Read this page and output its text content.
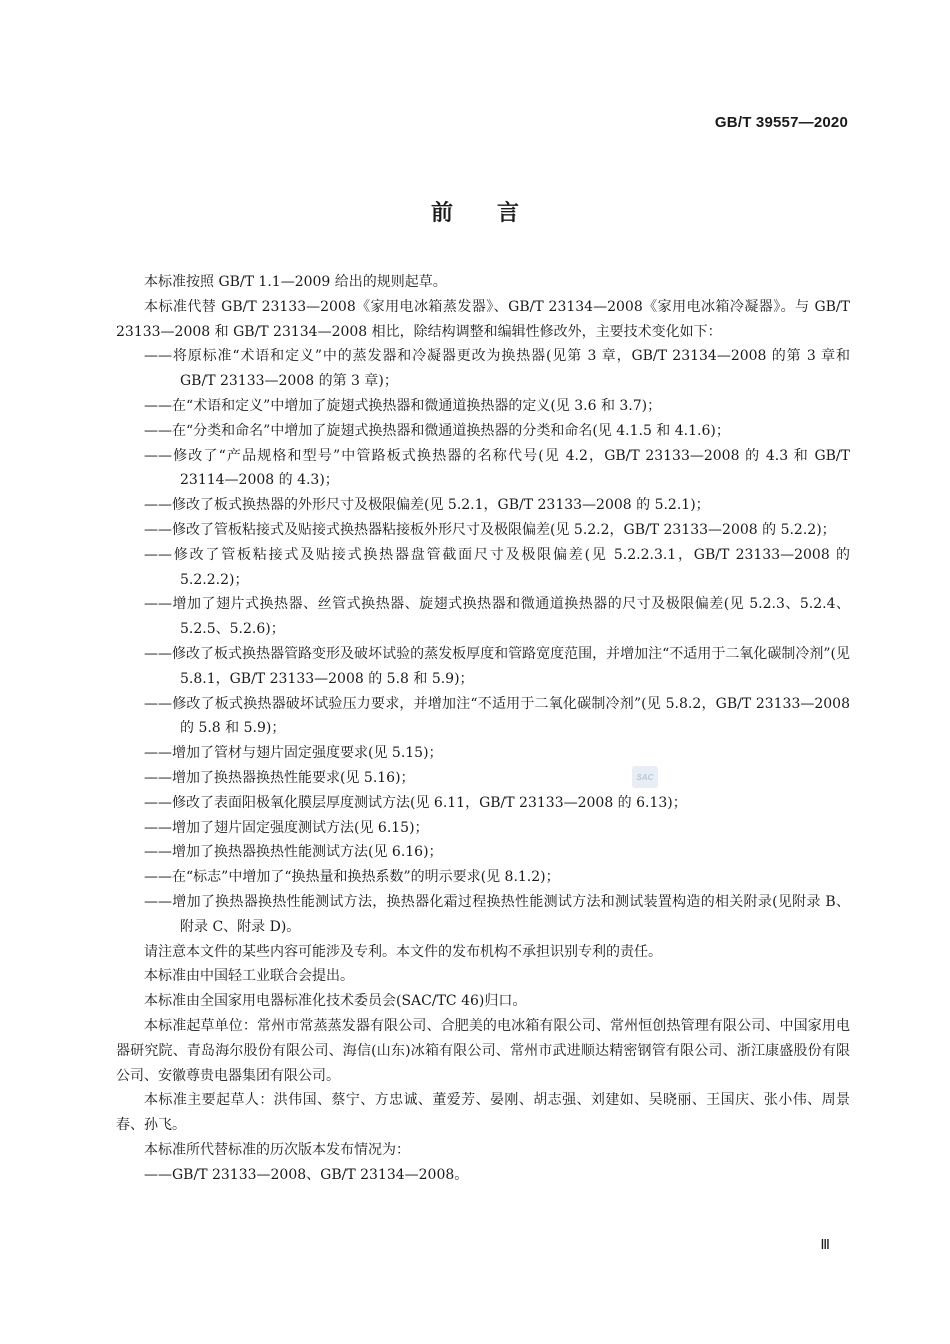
GB/T 39557—2020
前言

本标准按照 GB/T 1.1—2009 给出的规则起草。

本标准代替 GB/T 23133—2008《家用电冰箱蒸发器》、GB/T 23134—2008《家用电冰箱冷凝器》。与 GB/T 23133—2008 和 GB/T 23134—2008 相比，除结构调整和编辑性修改外，主要技术变化如下：

——将原标准“术语和定义”中的蒸发器和冷凝器更改为换热器(见第 3 章，GB/T 23134—2008 的第 3 章和 GB/T 23133—2008 的第 3 章)；

——在“术语和定义”中增加了旋翅式换热器和微通道换热器的定义(见 3.6 和 3.7)；

——在“分类和命名”中增加了旋翅式换热器和微通道换热器的分类和命名(见 4.1.5 和 4.1.6)；

——修改了“产品规格和型号”中管路板式换热器的名称代号(见 4.2，GB/T 23133—2008 的 4.3 和 GB/T 23114—2008 的 4.3)；

——修改了板式换热器的外形尺寸及极限偏差(见 5.2.1，GB/T 23133—2008 的 5.2.1)；

——修改了管板粘接式及贴接式换热器粘接板外形尺寸及极限偏差(见 5.2.2，GB/T 23133—2008 的 5.2.2)；

——修改了管板粘接式及贴接式换热器盘管截面尺寸及极限偏差(见 5.2.2.3.1，GB/T 23133—2008 的 5.2.2.2)；

——增加了翅片式换热器、丝管式换热器、旋翅式换热器和微通道换热器的尺寸及极限偏差(见 5.2.3、5.2.4、5.2.5、5.2.6)；

——修改了板式换热器管路变形及破坏试验的蒸发板厚度和管路宽度范围，并增加注“不适用于二氧化碳制冷剂”(见 5.8.1，GB/T 23133—2008 的 5.8 和 5.9)；

——修改了板式换热器破坏试验压力要求，并增加注“不适用于二氧化碳制冷剂”(见 5.8.2，GB/T 23133—2008 的 5.8 和 5.9)；

——增加了管材与翅片固定强度要求(见 5.15)；

——增加了换热器换热性能要求(见 5.16)；

——修改了表面阳极氧化膜层厚度测试方法(见 6.11，GB/T 23133—2008 的 6.13)；

——增加了翅片固定强度测试方法(见 6.15)；

——增加了换热器换热性能测试方法(见 6.16)；

——在“标志”中增加了“换热量和换热系数”的明示要求(见 8.1.2)；

——增加了换热器换热性能测试方法，换热器化霜过程换热性能测试方法和测试装置构造的相关附录(见附录 B、附录 C、附录 D)。

请注意本文件的某些内容可能涉及专利。本文件的发布机构不承担识别专利的责任。

本标准由中国轻工业联合会提出。

本标准由全国家用电器标准化技术委员会(SAC/TC 46)归口。

本标准起草单位：常州市常蒸蒸发器有限公司、合肥美的电冰箱有限公司、常州恒创热管理有限公司、中国家用电器研究院、青岛海尔股份有限公司、海信(山东)冰箱有限公司、常州市武进顺达精密钢管有限公司、浙江康盛股份有限公司、安徽尊贵电器集团有限公司。

本标准主要起草人：洪伟国、蔡宁、方忠诚、董爱芳、晏刚、胡志强、刘建如、吴晓丽、王国庆、张小伟、周景春、孙飞。

本标准所代替标准的历次版本发布情况为：

——GB/T 23133—2008、GB/T 23134—2008。

SAC
Ⅲ
